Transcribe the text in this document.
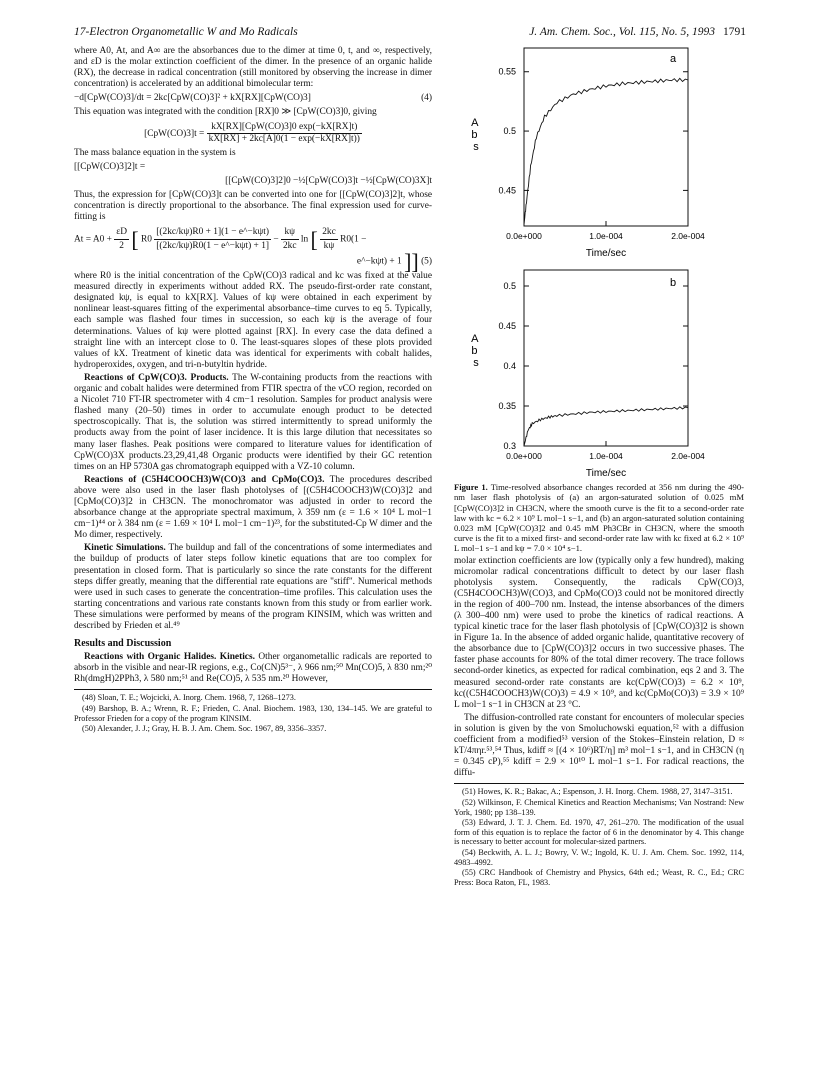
17-Electron Organometallic W and Mo Radicals	J. Am. Chem. Soc., Vol. 115, No. 5, 1993 1791

where A0, At, and A∞ are the absorbances due to the dimer at time 0, t, and ∞, respectively, and εD is the molar extinction coefficient of the dimer. In the presence of an organic halide (RX), the decrease in radical concentration (still monitored by observing the increase in dimer concentration) is accelerated by an additional bimolecular term:

−d[CpW(CO)3]/dt = 2kc[CpW(CO)3]² + kX[RX][CpW(CO)3]	(4)

This equation was integrated with the condition [RX]0 ≫ [CpW(CO)3]0, giving

$[CpW(CO)3]t = \frac{\text{kX[RX][CpW(CO)3]0 exp(−kX[RX]t)}}{kX[RX] + 2kc[A]0(1 - \exp(-kX[RX]t))}$

The mass balance equation in the system is

[[CpW(CO)3]2]t =
[[CpW(CO)3]2]0 −½[CpW(CO)3]t −½[CpW(CO)3X]t

Thus, the expression for [CpW(CO)3]t can be converted into one for [[CpW(CO)3]2]t, whose concentration is directly proportional to the absorbance. The final expression used for curve-fitting is

$At = A0 + \frac{\varepsilon D}{2}$ [ $R0 \frac{\text{[(2kc/kψ)R0 + 1](1 − e\textasciicircum{}−kψt)}}{\text{[(2kc/kψ)R0(1 − e\textasciicircum{}−kψt) + 1]}} - \frac{k\psi}{2kc}$ ln [ $\frac{2kc}{k\psi} R0(1$ −
e^−kψt) + 1 ]] (5)

where R0 is the initial concentration of the CpW(CO)3 radical and kc was fixed at the value measured directly in experiments without added RX. The pseudo-first-order rate constant, designated kψ, is equal to kX[RX]. Values of kψ were obtained in each experiment by nonlinear least-squares fitting of the experimental absorbance–time curves to eq 5. Typically, each sample was flashed four times in succession, so each kψ is the average of four determinations. Values of kψ were plotted against [RX]. In every case the data defined a straight line with an intercept close to 0. The least-squares slopes of these plots provided values of kX. Treatment of kinetic data was identical for experiments with cobalt halides, hydroperoxides, oxygen, and tri-n-butyltin hydride.

Reactions of CpW(CO)3. Products. The W-containing products from the reactions with organic and cobalt halides were determined from FTIR spectra of the νCO region, recorded on a Nicolet 710 FT-IR spectrometer with 4 cm−1 resolution. Samples for product analysis were flashed many (20–50) times in order to accumulate enough product to be detected spectroscopically. That is, the solution was stirred intermittently to spread uniformly the products away from the point of laser incidence. It is this large dilution that necessitates so many laser flashes. Peak positions were compared to literature values for identification of CpW(CO)3X products.23,29,41,48 Organic products were identified by their GC retention times on an HP 5730A gas chromatograph equipped with a VZ-10 column.

Reactions of (C5H4COOCH3)W(CO)3 and CpMo(CO)3. The procedures described above were also used in the laser flash photolyses of [(C5H4COOCH3)W(CO)3]2 and [CpMo(CO)3]2 in CH3CN. The monochromator was adjusted in order to record the absorbance change at the appropriate spectral maximum, λ 359 nm (ε = 1.6 × 10⁴ L mol−1 cm−1)⁴⁴ or λ 384 nm (ε = 1.69 × 10⁴ L mol−1 cm−1)²³, for the substituted-Cp W dimer and the Mo dimer, respectively.

Kinetic Simulations. The buildup and fall of the concentrations of some intermediates and the buildup of products of later steps follow kinetic equations that are too complex for presentation in closed form. That is particularly so since the rate constants for the different steps differ greatly, meaning that the differential rate equations are "stiff". Numerical methods were used in such cases to generate the concentration–time profiles. This calculation uses the starting concentrations and various rate constants known from this study or from earlier work. These simulations were performed by means of the program KINSIM, which was written and described by Frieden et al.⁴⁹

Results and Discussion

Reactions with Organic Halides. Kinetics. Other organometallic radicals are reported to absorb in the visible and near-IR regions, e.g., Co(CN)5³⁻, λ 966 nm;⁵⁰ Mn(CO)5, λ 830 nm;²⁰ Rh(dmgH)2PPh3, λ 580 nm;⁵¹ and Re(CO)5, λ 535 nm.²⁰ However,

(48) Sloan, T. E.; Wojcicki, A. Inorg. Chem. 1968, 7, 1268–1273.

(49) Barshop, B. A.; Wrenn, R. F.; Frieden, C. Anal. Biochem. 1983, 130, 134–145. We are grateful to Professor Frieden for a copy of the program KINSIM.

(50) Alexander, J. J.; Gray, H. B. J. Am. Chem. Soc. 1967, 89, 3356–3357.

a
A b s
0.45
0.5
0.55
0.0e+000	1.0e-004	2.0e-004
Time/sec
b
A b s
0.3
0.35
0.4
0.45
0.5
0.0e+000	1.0e-004	2.0e-004
Time/sec

Figure 1. Time-resolved absorbance changes recorded at 356 nm during the 490-nm laser flash photolysis of (a) an argon-saturated solution of 0.025 mM [CpW(CO)3]2 in CH3CN, where the smooth curve is the fit to a second-order rate law with kc = 6.2 × 10⁹ L mol−1 s−1, and (b) an argon-saturated solution containing 0.023 mM [CpW(CO)3]2 and 0.45 mM Ph3CBr in CH3CN, where the smooth curve is the fit to a mixed first- and second-order rate law with kc fixed at 6.2 × 10⁹ L mol−1 s−1 and kψ = 7.0 × 10⁴ s−1.

molar extinction coefficients are low (typically only a few hundred), making micromolar radical concentrations difficult to detect by our laser flash photolysis system. Consequently, the radicals CpW(CO)3, (C5H4COOCH3)W(CO)3, and CpMo(CO)3 could not be monitored directly in the region of 400–700 nm. Instead, the intense absorbances of the dimers (λ 300–400 nm) were used to probe the kinetics of radical reactions. A typical kinetic trace for the laser flash photolysis of [CpW(CO)3]2 is shown in Figure 1a. In the absence of added organic halide, quantitative recovery of the absorbance due to [CpW(CO)3]2 occurs in two successive phases. The faster phase accounts for 80% of the total dimer recovery. The trace follows second-order kinetics, as expected for radical combination, eqs 2 and 3. The measured second-order rate constants are kc(CpW(CO)3) = 6.2 × 10⁹, kc((C5H4COOCH3)W(CO)3) = 4.9 × 10⁹, and kc(CpMo(CO)3) = 3.9 × 10⁹ L mol−1 s−1 in CH3CN at 23 °C.

The diffusion-controlled rate constant for encounters of molecular species in solution is given by the von Smoluchowski equation,⁵² with a diffusion coefficient from a modified⁵³ version of the Stokes–Einstein relation, D ≈ kT/4πηr.⁵³,⁵⁴ Thus, kdiff ≈ [(4 × 10⁶)RT/η] m³ mol−1 s−1, and in CH3CN (η = 0.345 cP),⁵⁵ kdiff = 2.9 × 10¹⁰ L mol−1 s−1. For radical reactions, the diffu-

(51) Howes, K. R.; Bakac, A.; Espenson, J. H. Inorg. Chem. 1988, 27, 3147–3151.

(52) Wilkinson, F. Chemical Kinetics and Reaction Mechanisms; Van Nostrand: New York, 1980; pp 138–139.

(53) Edward, J. T. J. Chem. Ed. 1970, 47, 261–270. The modification of the usual form of this equation is to replace the factor of 6 in the denominator by 4. This change is necessary to better account for molecular-sized partners.

(54) Beckwith, A. L. J.; Bowry, V. W.; Ingold, K. U. J. Am. Chem. Soc. 1992, 114, 4983–4992.

(55) CRC Handbook of Chemistry and Physics, 64th ed.; Weast, R. C., Ed.; CRC Press: Boca Raton, FL, 1983.
